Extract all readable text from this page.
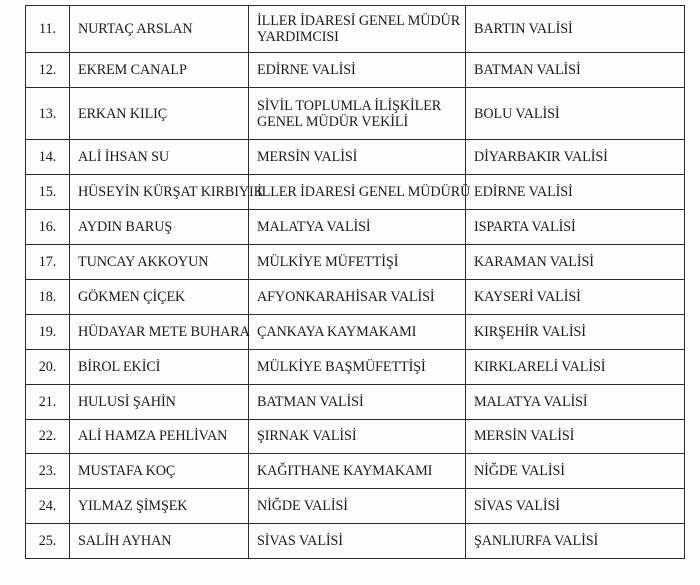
11.	NURTAÇ ARSLAN	İLLER İDARESİ GENEL MÜDÜR YARDIMCISI	BARTIN VALİSİ
12.	EKREM CANALP	EDİRNE VALİSİ	BATMAN VALİSİ
13.	ERKAN KILIÇ	SİVİL TOPLUMLA İLİŞKİLER GENEL MÜDÜR VEKİLİ	BOLU VALİSİ
14.	ALİ İHSAN SU	MERSİN VALİSİ	DİYARBAKIR VALİSİ
15.	HÜSEYİN KÜRŞAT KIRBIYIK	İLLER İDARESİ GENEL MÜDÜRÜ	EDİRNE VALİSİ
16.	AYDIN BARUŞ	MALATYA VALİSİ	ISPARTA VALİSİ
17.	TUNCAY AKKOYUN	MÜLKİYE MÜFETTİŞİ	KARAMAN VALİSİ
18.	GÖKMEN ÇİÇEK	AFYONKARAHİSAR VALİSİ	KAYSERİ VALİSİ
19.	HÜDAYAR METE BUHARA	ÇANKAYA KAYMAKAMI	KIRŞEHİR VALİSİ
20.	BİROL EKİCİ	MÜLKİYE BAŞMÜFETTİŞİ	KIRKLARELİ VALİSİ
21.	HULUSİ ŞAHİN	BATMAN VALİSİ	MALATYA VALİSİ
22.	ALİ HAMZA PEHLİVAN	ŞIRNAK VALİSİ	MERSİN VALİSİ
23.	MUSTAFA KOÇ	KAĞITHANE KAYMAKAMI	NİĞDE VALİSİ
24.	YILMAZ ŞİMŞEK	NİĞDE VALİSİ	SİVAS VALİSİ
25.	SALİH AYHAN	SİVAS VALİSİ	ŞANLIURFA VALİSİ
